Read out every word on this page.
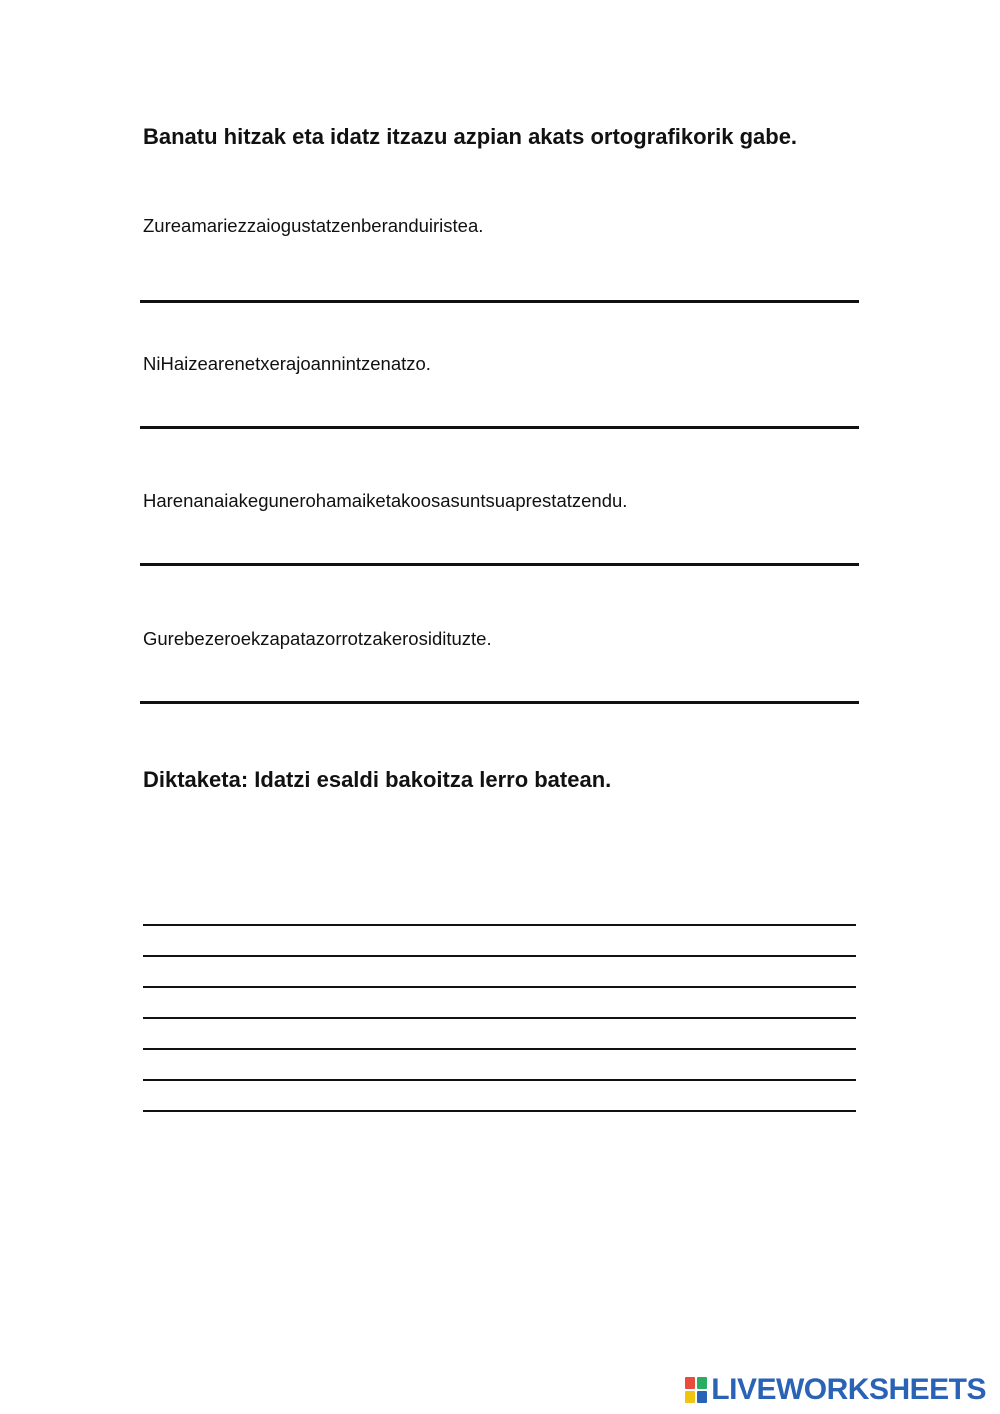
Banatu hitzak eta idatz itzazu azpian akats ortografikorik gabe.

Zureamariezzaiogustatzenberanduiristea.

NiHaizearenetxerajoannintzenatzo.

Harenanaiakegunerohamaiketakoosasuntsuaprestatzendu.

Gurebezeroekzapatazorrotzakerosidituzte.

Diktaketa: Idatzi esaldi bakoitza lerro batean.
LIVEWORKSHEETS
